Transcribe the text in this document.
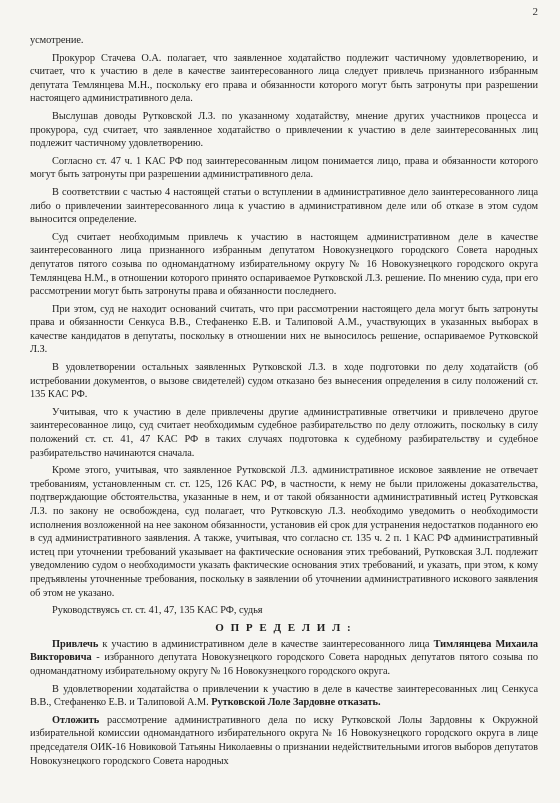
2

усмотрение.

Прокурор Стачева О.А. полагает, что заявленное ходатайство подлежит частичному удовлетворению, и считает, что к участию в деле в качестве заинтересованного лица следует привлечь признанного избранным депутата Темлянцева М.Н., поскольку его права и обязанности которого могут быть затронуты при разрешении настоящего административного дела.

Выслушав доводы Рутковской Л.З. по указанному ходатайству, мнение других участников процесса и прокурора, суд считает, что заявленное ходатайство о привлечении к участию в деле заинтересованных лиц подлежит частичному удовлетворению.

Согласно ст. 47 ч. 1 КАС РФ под заинтересованным лицом понимается лицо, права и обязанности которого могут быть затронуты при разрешении административного дела.

В соответствии с частью 4 настоящей статьи о вступлении в административное дело заинтересованного лица либо о привлечении заинтересованного лица к участию в административном деле или об отказе в этом судом выносится определение.

Суд считает необходимым привлечь к участию в настоящем административном деле в качестве заинтересованного лица признанного избранным депутатом Новокузнецкого городского Совета народных депутатов пятого созыва по одномандатному избирательному округу № 16 Новокузнецкого городского округа Темлянцева Н.М., в отношении которого принято оспариваемое Рутковской Л.З. решение. По мнению суда, при его рассмотрении могут быть затронуты права и обязанности последнего.

При этом, суд не находит оснований считать, что при рассмотрении настоящего дела могут быть затронуты права и обязанности Сенкуса В.В., Стефаненко Е.В. и Талиповой А.М., участвующих в указанных выборах в качестве кандидатов в депутаты, поскольку в отношении них не выносилось решение, оспариваемое Рутковской Л.З.

В удовлетворении остальных заявленных Рутковской Л.З. в ходе подготовки по делу ходатайств (об истребовании документов, о вызове свидетелей) судом отказано без вынесения определения в силу положений ст. 135 КАС РФ.

Учитывая, что к участию в деле привлечены другие административные ответчики и привлечено другое заинтересованное лицо, суд считает необходимым судебное разбирательство по делу отложить, поскольку в силу положений ст. ст. 41, 47 КАС РФ в таких случаях подготовка к судебному разбирательству и судебное разбирательство начинаются сначала.

Кроме этого, учитывая, что заявленное Рутковской Л.З. административное исковое заявление не отвечает требованиям, установленным ст. ст. 125, 126 КАС РФ, в частности, к нему не были приложены доказательства, подтверждающие обстоятельства, указанные в нем, и от такой обязанности административный истец Рутковская Л.З. по закону не освобождена, суд полагает, что Рутковскую Л.З. необходимо уведомить о необходимости исполнения возложенной на нее законом обязанности, установив ей срок для устранения недостатков поданного ею в суд административного заявления. А также, учитывая, что согласно ст. 135 ч. 2 п. 1 КАС РФ административный истец при уточнении требований указывает на фактические основания этих требований, Рутковская З.Л. подлежит уведомлению судом о необходимости указать фактические основания этих требований, и указать, при этом, к кому предъявлены уточненные требования, поскольку в заявлении об уточнении административного искового заявления об этом не указано.

Руководствуясь ст. ст. 41, 47, 135 КАС РФ, судья

О П Р Е Д Е Л И Л :

Привлечь к участию в административном деле в качестве заинтересованного лица Тимлянцева Михаила Викторовича - избранного депутата Новокузнецкого городского Совета народных депутатов пятого созыва по одномандатному избирательному округу № 16 Новокузнецкого городского округа.

В удовлетворении ходатайства о привлечении к участию в деле в качестве заинтересованных лиц Сенкуса В.В., Стефаненко Е.В. и Талиповой А.М. Рутковской Лоле Зардовне отказать.

Отложить рассмотрение административного дела по иску Рутковской Лолы Зардовны к Окружной избирательной комиссии одномандатного избирательного округа № 16 Новокузнецкого городского округа в лице председателя ОИК-16 Новиковой Татьяны Николаевны о признании недействительными итогов выборов депутатов Новокузнецкого городского Совета народных
